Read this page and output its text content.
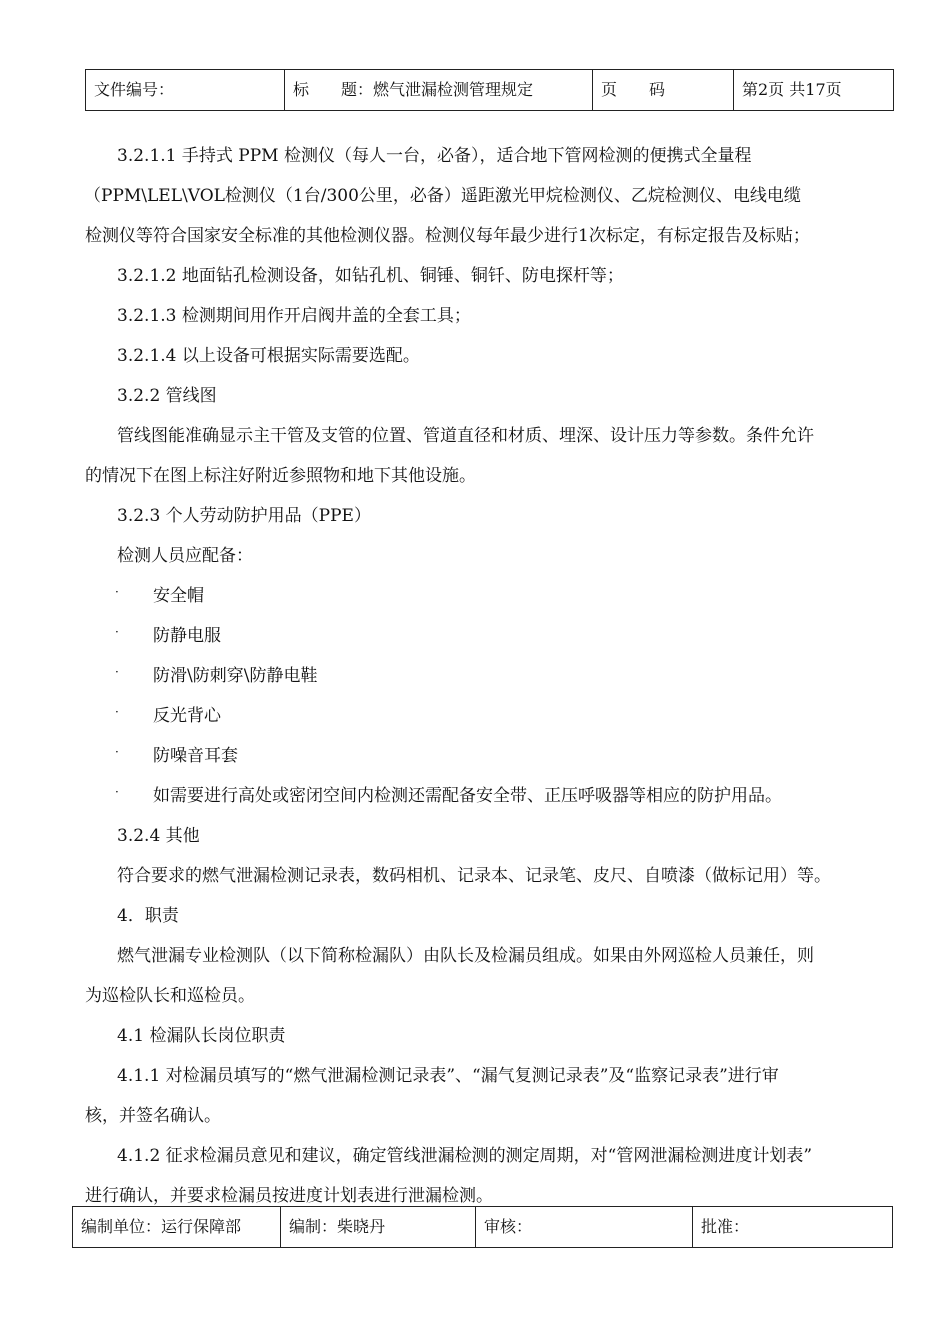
文件编号：	标　　题：燃气泄漏检测管理规定	页　　码	第2页 共17页

3.2.1.1 手持式 PPM 检测仪（每人一台，必备），适合地下管网检测的便携式全量程

（PPM\LEL\VOL检测仪（1台/300公里，必备）遥距激光甲烷检测仪、乙烷检测仪、电线电缆

检测仪等符合国家安全标准的其他检测仪器。检测仪每年最少进行1次标定，有标定报告及标贴；

3.2.1.2 地面钻孔检测设备，如钻孔机、铜锤、铜钎、防电探杆等；

3.2.1.3 检测期间用作开启阀井盖的全套工具；

3.2.1.4 以上设备可根据实际需要选配。

3.2.2 管线图

管线图能准确显示主干管及支管的位置、管道直径和材质、埋深、设计压力等参数。条件允许

的情况下在图上标注好附近参照物和地下其他设施。

3.2.3 个人劳动防护用品（PPE）

检测人员应配备：

· 安全帽

· 防静电服

· 防滑\防刺穿\防静电鞋

· 反光背心

· 防噪音耳套

· 如需要进行高处或密闭空间内检测还需配备安全带、正压呼吸器等相应的防护用品。

3.2.4 其他

符合要求的燃气泄漏检测记录表，数码相机、记录本、记录笔、皮尺、自喷漆（做标记用）等。

4．职责

燃气泄漏专业检测队（以下简称检漏队）由队长及检漏员组成。如果由外网巡检人员兼任，则

为巡检队长和巡检员。

4.1 检漏队长岗位职责

4.1.1 对检漏员填写的“燃气泄漏检测记录表”、“漏气复测记录表”及“监察记录表”进行审

核，并签名确认。

4.1.2 征求检漏员意见和建议，确定管线泄漏检测的测定周期，对“管网泄漏检测进度计划表”

进行确认，并要求检漏员按进度计划表进行泄漏检测。

编制单位：运行保障部	编制：柴晓丹	审核：	批准：
